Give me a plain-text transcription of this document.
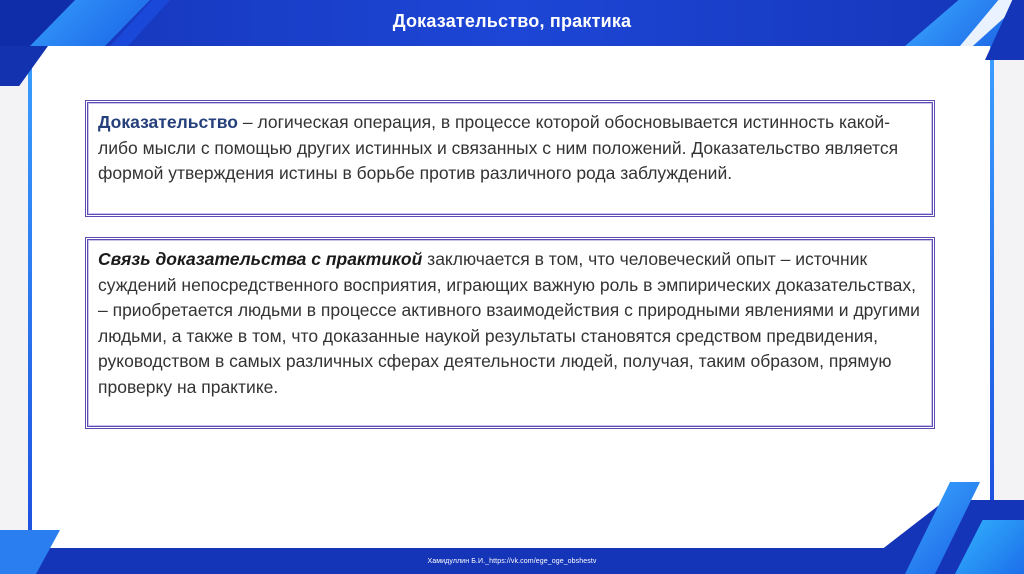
Доказательство, практика
Доказательство – логическая операция, в процессе которой обосновывается истинность какой-либо мысли с помощью других истинных и связанных с ним положений. Доказательство является формой утверждения истины в борьбе против различного рода заблуждений.
Связь доказательства с практикой заключается в том, что человеческий опыт – источник суждений непосредственного восприятия, играющих важную роль в эмпирических доказательствах, – приобретается людьми в процессе активного взаимодействия с природными явлениями и другими людьми, а также в том, что доказанные наукой результаты становятся средством предвидения, руководством в самых различных сферах деятельности людей, получая, таким образом, прямую проверку на практике.
Хамидуллин Б.И._https://vk.com/ege_oge_obshestv
